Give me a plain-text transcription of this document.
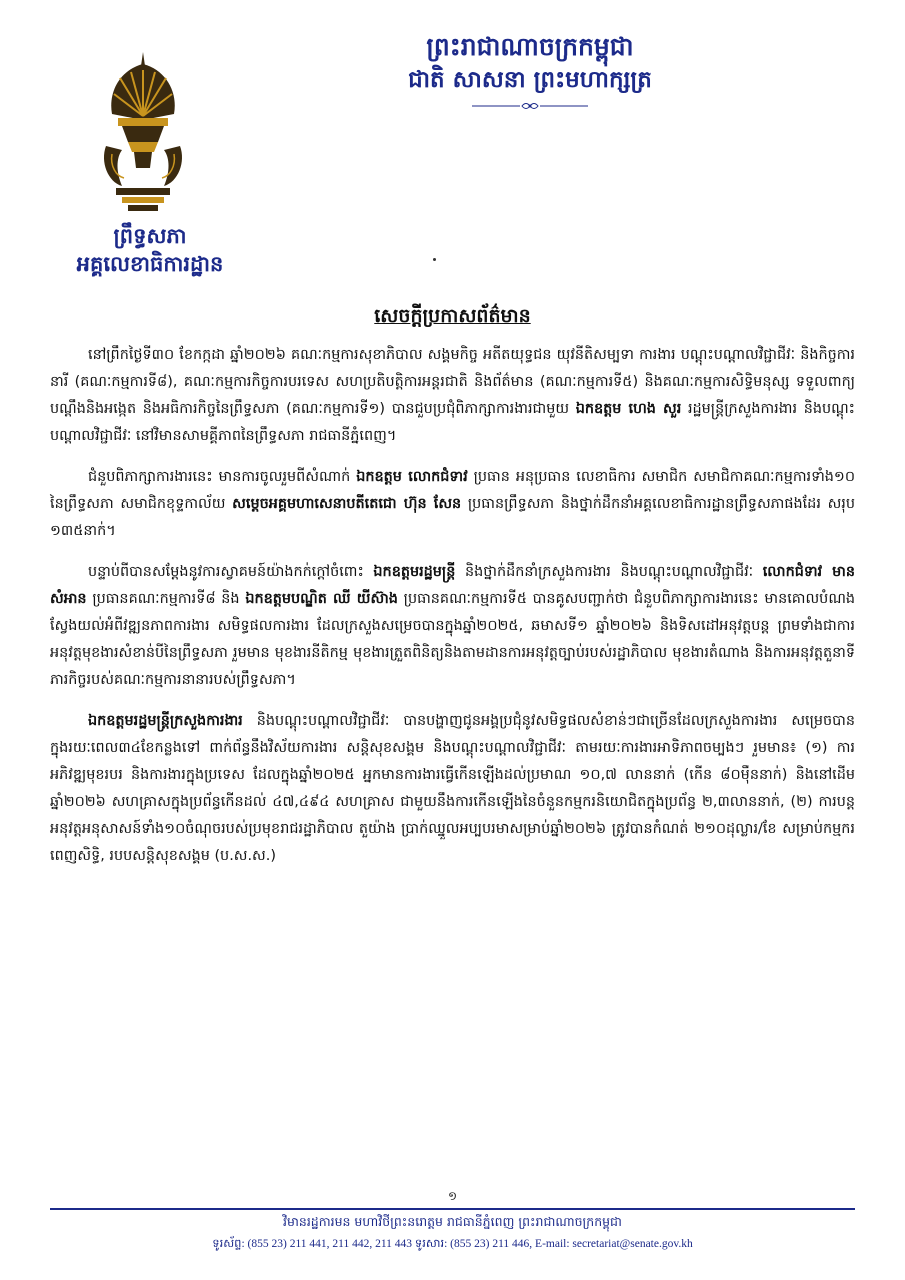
ព្រះរាជាណាចក្រកម្ពុជា
ជាតិ សាសនា ព្រះមហាក្សត្រ
ព្រឹទ្ធសភា
អគ្គលេខាធិការដ្ឋាន
សេចក្តីប្រកាសព័ត៌មាន

នៅព្រឹកថ្ងៃទី៣០ ខែកក្កដា ឆ្នាំ២០២៦ គណៈកម្មការសុខាភិបាល សង្គមកិច្ច អតីតយុទ្ធជន យុវនីតិសម្បទា ការងារ បណ្តុះបណ្តាលវិជ្ជាជីវៈ និងកិច្ចការនារី (គណៈកម្មការទី៨), គណៈកម្មការកិច្ចការបរទេស សហប្រតិបត្តិការអន្តរជាតិ និងព័ត៌មាន (គណៈកម្មការទី៥) និងគណៈកម្មការសិទ្ធិមនុស្ស ទទួលពាក្យបណ្តឹងនិងអង្កេត និងអធិការកិច្ចនៃព្រឹទ្ធសភា (គណៈកម្មការទី១) បានជួបប្រជុំពិភាក្សាការងារជាមួយ ឯកឧត្តម ហេង សួរ រដ្ឋមន្ត្រីក្រសួងការងារ និងបណ្តុះបណ្តាលវិជ្ជាជីវៈ នៅវិមានសាមគ្គីភាពនៃព្រឹទ្ធសភា រាជធានីភ្នំពេញ។

ជំនួបពិភាក្សាការងារនេះ មានការចូលរួមពីសំណាក់ ឯកឧត្តម លោកជំទាវ ប្រធាន អនុប្រធាន លេខាធិការ សមាជិក សមាជិកាគណៈកម្មការទាំង១០ នៃព្រឹទ្ធសភា សមាជិកខុទ្ទកាល័យ សម្តេចអគ្គមហាសេនាបតីតេជោ ហ៊ុន សែន ប្រធានព្រឹទ្ធសភា និងថ្នាក់ដឹកនាំអគ្គលេខាធិការដ្ឋានព្រឹទ្ធសភាផងដែរ សរុប ១៣៥នាក់។

បន្ទាប់ពីបានសម្តែងនូវការស្វាគមន៍យ៉ាងកក់ក្តៅចំពោះ ឯកឧត្តមរដ្ឋមន្ត្រី និងថ្នាក់ដឹកនាំក្រសួងការងារ និងបណ្តុះបណ្តាលវិជ្ជាជីវៈ លោកជំទាវ មាន សំអាន ប្រធានគណៈកម្មការទី៨ និង ឯកឧត្តមបណ្ឌិត ឈី យីស៊ាង ប្រធានគណៈកម្មការទី៥ បានគូសបញ្ជាក់ថា ជំនួបពិភាក្សាការងារនេះ មានគោលបំណងស្វែងយល់អំពីវឌ្ឍនភាពការងារ សមិទ្ធផលការងារ ដែលក្រសួងសម្រេចបានក្នុងឆ្នាំ២០២៥, ឆមាសទី១ ឆ្នាំ២០២៦ និងទិសដៅអនុវត្តបន្ត ព្រមទាំងជាការអនុវត្តមុខងារសំខាន់បីនៃព្រឹទ្ធសភា រួមមាន មុខងារនីតិកម្ម មុខងារត្រួតពិនិត្យនិងតាមដានការអនុវត្តច្បាប់របស់រដ្ឋាភិបាល មុខងារតំណាង និងការអនុវត្តតួនាទីភារកិច្ចរបស់គណៈកម្មការនានារបស់ព្រឹទ្ធសភា។

ឯកឧត្តមរដ្ឋមន្ត្រីក្រសួងការងារ និងបណ្តុះបណ្តាលវិជ្ជាជីវៈ បានបង្ហាញជូនអង្គប្រជុំនូវសមិទ្ធផលសំខាន់ៗជាច្រើនដែលក្រសួងការងារ សម្រេចបានក្នុងរយៈពេល៣៤ខែកន្លងទៅ ពាក់ព័ន្ធនឹងវិស័យការងារ សន្តិសុខសង្គម និងបណ្តុះបណ្តាលវិជ្ជាជីវៈ តាមរយៈការងារអាទិភាពចម្បងៗ រួមមាន៖ (១) ការអភិវឌ្ឍមុខរបរ និងការងារក្នុងប្រទេស ដែលក្នុងឆ្នាំ២០២៥ អ្នកមានការងារធ្វើកើនឡើងដល់ប្រមាណ ១០,៧ លាននាក់ (កើន ៨០ម៉ឺននាក់) និងនៅដើមឆ្នាំ២០២៦ សហគ្រាសក្នុងប្រព័ន្ធកើនដល់ ៤៧,៤៩៤ សហគ្រាស ជាមួយនឹងការកើនឡើងនៃចំនួនកម្មករនិយោជិតក្នុងប្រព័ន្ធ ២,៣លាននាក់, (២) ការបន្តអនុវត្តអនុសាសន៍ទាំង១០ចំណុចរបស់ប្រមុខរាជរដ្ឋាភិបាល តួយ៉ាង ប្រាក់ឈ្នួលអប្បបរមាសម្រាប់ឆ្នាំ២០២៦ ត្រូវបានកំណត់ ២១០ដុល្លារ/ខែ សម្រាប់កម្មករពេញសិទ្ធិ, របបសន្តិសុខសង្គម (ប.ស.ស.)

១
វិមានរដ្ឋការមន មហាវិថីព្រះនរោត្តម រាជធានីភ្នំពេញ ព្រះរាជាណាចក្រកម្ពុជា
ទូរស័ព្ទ: (855 23) 211 441, 211 442, 211 443 ទូរសារ: (855 23) 211 446, E-mail: secretariat@senate.gov.kh
